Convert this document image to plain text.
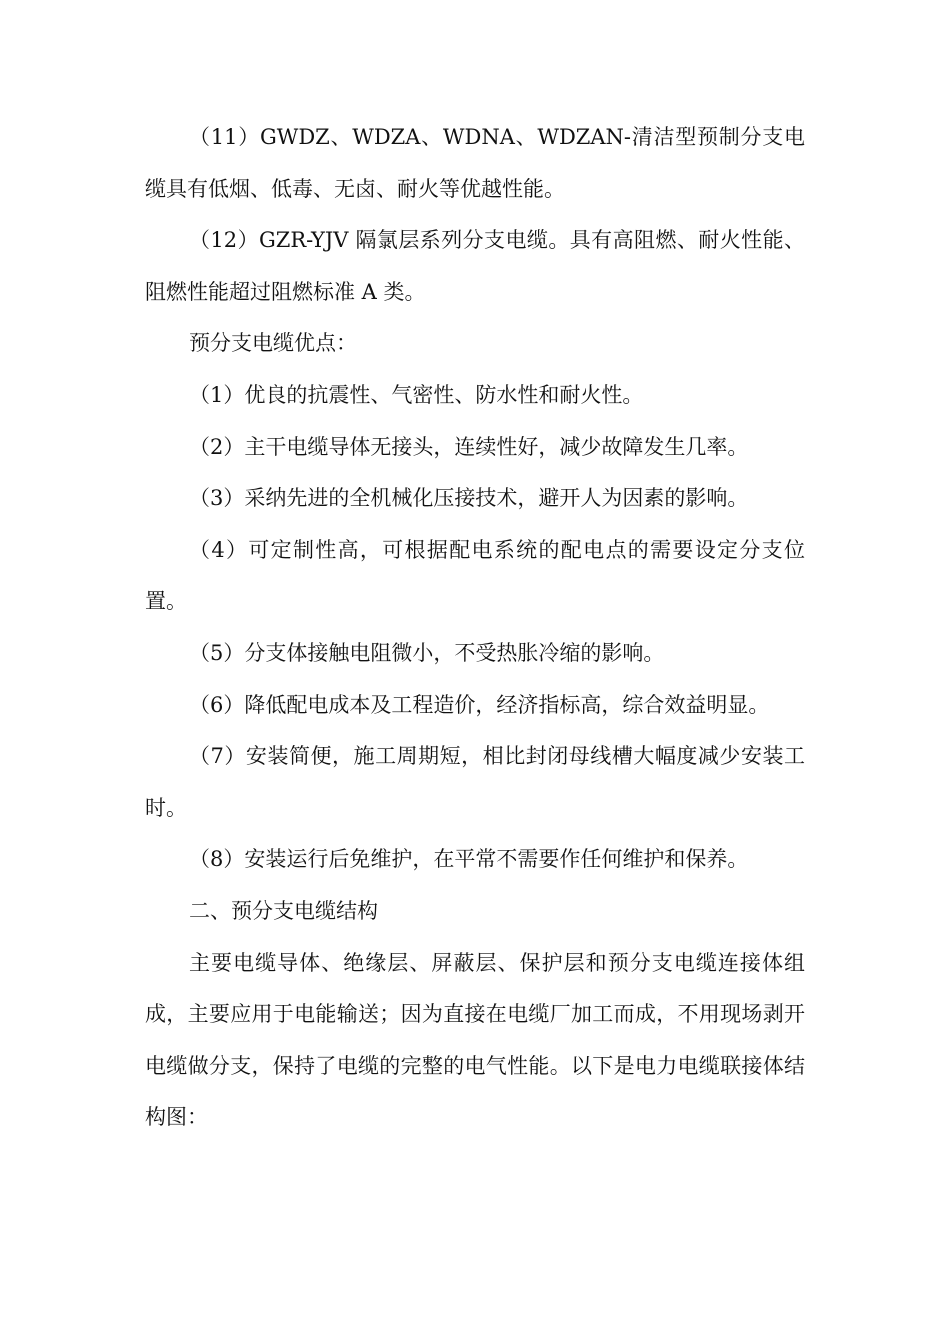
（11）GWDZ、WDZA、WDNA、WDZAN-清洁型预制分支电缆具有低烟、低毒、无卤、耐火等优越性能。

（12）GZR-YJV 隔氯层系列分支电缆。具有高阻燃、耐火性能、阻燃性能超过阻燃标准 A 类。

预分支电缆优点：

（1）优良的抗震性、气密性、防水性和耐火性。

（2）主干电缆导体无接头，连续性好，减少故障发生几率。

（3）采纳先进的全机械化压接技术，避开人为因素的影响。

（4）可定制性高，可根据配电系统的配电点的需要设定分支位置。

（5）分支体接触电阻微小，不受热胀冷缩的影响。

（6）降低配电成本及工程造价，经济指标高，综合效益明显。

（7）安装简便，施工周期短，相比封闭母线槽大幅度减少安装工时。

（8）安装运行后免维护，在平常不需要作任何维护和保养。

二、预分支电缆结构

主要电缆导体、绝缘层、屏蔽层、保护层和预分支电缆连接体组成，主要应用于电能输送；因为直接在电缆厂加工而成，不用现场剥开电缆做分支，保持了电缆的完整的电气性能。以下是电力电缆联接体结构图：
